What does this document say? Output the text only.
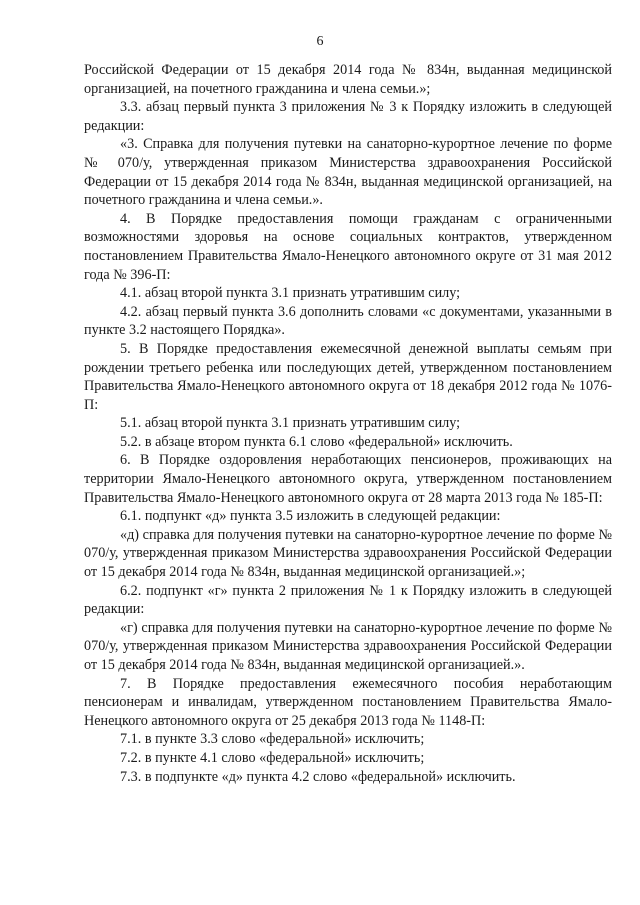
6

Российской Федерации от 15 декабря 2014 года № 834н, выданная медицинской организацией, на почетного гражданина и члена семьи.»;

3.3. абзац первый пункта 3 приложения № 3 к Порядку изложить в следующей редакции:

«3. Справка для получения путевки на санаторно-курортное лечение по форме № 070/у, утвержденная приказом Министерства здравоохранения Российской Федерации от 15 декабря 2014 года № 834н, выданная медицинской организацией, на почетного гражданина и члена семьи.».

4. В Порядке предоставления помощи гражданам с ограниченными возможностями здоровья на основе социальных контрактов, утвержденном постановлением Правительства Ямало-Ненецкого автономного округе от 31 мая 2012 года № 396-П:

4.1. абзац второй пункта 3.1 признать утратившим силу;

4.2. абзац первый пункта 3.6 дополнить словами «с документами, указанными в пункте 3.2 настоящего Порядка».

5. В Порядке предоставления ежемесячной денежной выплаты семьям при рождении третьего ребенка или последующих детей, утвержденном постановлением Правительства Ямало-Ненецкого автономного округа от 18 декабря 2012 года № 1076-П:

5.1. абзац второй пункта 3.1 признать утратившим силу;

5.2. в абзаце втором пункта 6.1 слово «федеральной» исключить.

6. В Порядке оздоровления неработающих пенсионеров, проживающих на территории Ямало-Ненецкого автономного округа, утвержденном постановлением Правительства Ямало-Ненецкого автономного округа от 28 марта 2013 года № 185-П:

6.1. подпункт «д» пункта 3.5 изложить в следующей редакции:

«д) справка для получения путевки на санаторно-курортное лечение по форме № 070/у, утвержденная приказом Министерства здравоохранения Российской Федерации от 15 декабря 2014 года № 834н, выданная медицинской организацией.»;

6.2. подпункт «г» пункта 2 приложения № 1 к Порядку изложить в следующей редакции:

«г) справка для получения путевки на санаторно-курортное лечение по форме № 070/у, утвержденная приказом Министерства здравоохранения Российской Федерации от 15 декабря 2014 года № 834н, выданная медицинской организацией.».

7. В Порядке предоставления ежемесячного пособия неработающим пенсионерам и инвалидам, утвержденном постановлением Правительства Ямало-Ненецкого автономного округа от 25 декабря 2013 года № 1148-П:

7.1. в пункте 3.3 слово «федеральной» исключить;

7.2. в пункте 4.1 слово «федеральной» исключить;

7.3. в подпункте «д» пункта 4.2 слово «федеральной» исключить.
